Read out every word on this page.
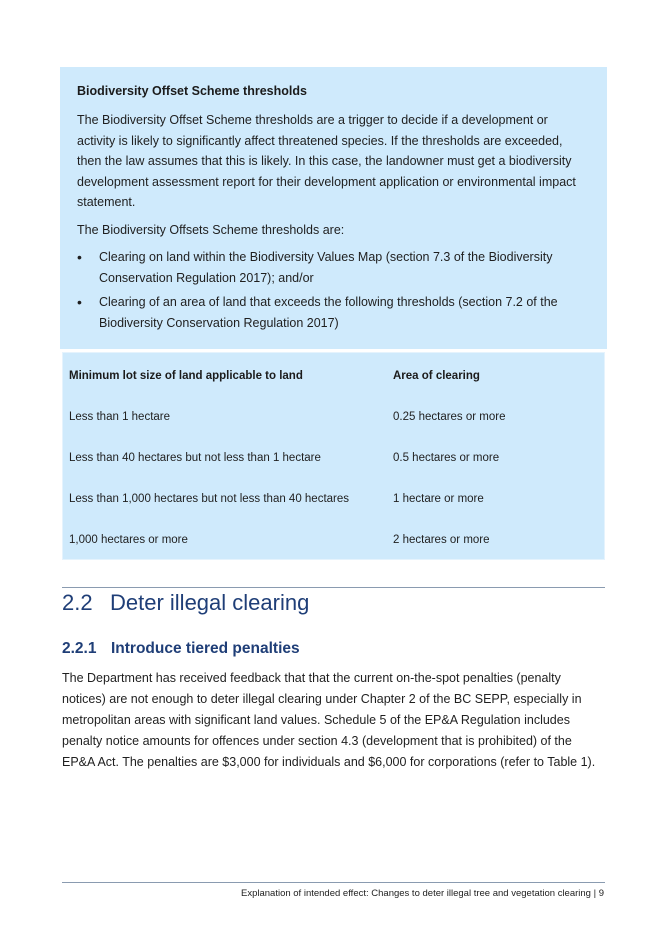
Biodiversity Offset Scheme thresholds

The Biodiversity Offset Scheme thresholds are a trigger to decide if a development or activity is likely to significantly affect threatened species. If the thresholds are exceeded, then the law assumes that this is likely. In this case, the landowner must get a biodiversity development assessment report for their development application or environmental impact statement.

The Biodiversity Offsets Scheme thresholds are:

• Clearing on land within the Biodiversity Values Map (section 7.3 of the Biodiversity Conservation Regulation 2017); and/or
• Clearing of an area of land that exceeds the following thresholds (section 7.2 of the Biodiversity Conservation Regulation 2017)
Minimum lot size of land applicable to land	Area of clearing
Less than 1 hectare	0.25 hectares or more
Less than 40 hectares but not less than 1 hectare	0.5 hectares or more
Less than 1,000 hectares but not less than 40 hectares	1 hectare or more
1,000 hectares or more	2 hectares or more
2.2 Deter illegal clearing
2.2.1 Introduce tiered penalties

The Department has received feedback that that the current on-the-spot penalties (penalty notices) are not enough to deter illegal clearing under Chapter 2 of the BC SEPP, especially in metropolitan areas with significant land values. Schedule 5 of the EP&A Regulation includes penalty notice amounts for offences under section 4.3 (development that is prohibited) of the EP&A Act. The penalties are $3,000 for individuals and $6,000 for corporations (refer to Table 1).

Explanation of intended effect: Changes to deter illegal tree and vegetation clearing | 9
